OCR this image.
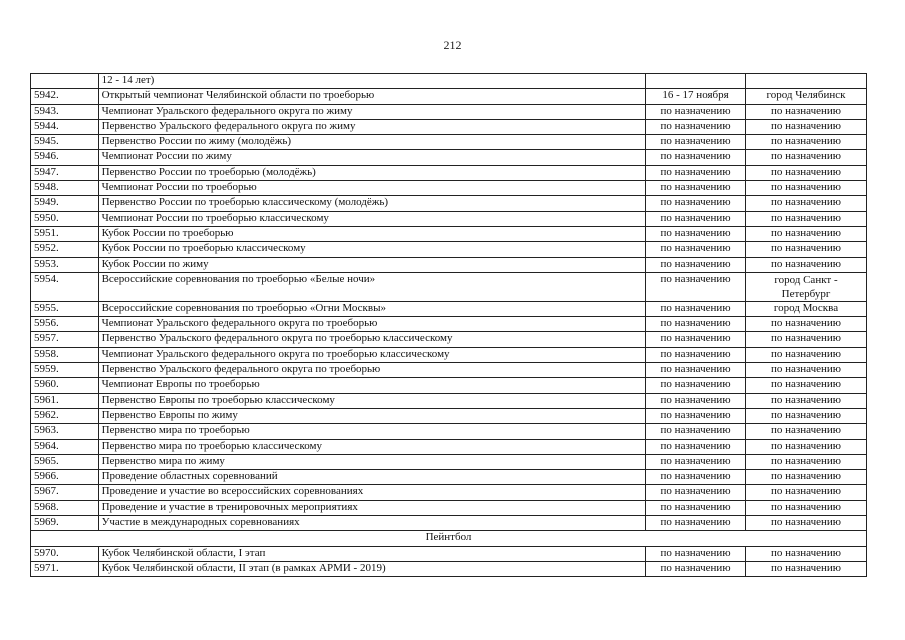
212
	12 - 14 лет)		
5942.	Открытый чемпионат Челябинской области по троеборью	16 - 17 ноября	город Челябинск
5943.	Чемпионат Уральского федерального округа по жиму	по назначению	по назначению
5944.	Первенство Уральского федерального округа по жиму	по назначению	по назначению
5945.	Первенство России по жиму (молодёжь)	по назначению	по назначению
5946.	Чемпионат России по жиму	по назначению	по назначению
5947.	Первенство России по троеборью (молодёжь)	по назначению	по назначению
5948.	Чемпионат России по троеборью	по назначению	по назначению
5949.	Первенство России по троеборью классическому (молодёжь)	по назначению	по назначению
5950.	Чемпионат России по троеборью классическому	по назначению	по назначению
5951.	Кубок России по троеборью	по назначению	по назначению
5952.	Кубок России по троеборью классическому	по назначению	по назначению
5953.	Кубок России по жиму	по назначению	по назначению
5954.	Всероссийские соревнования по троеборью «Белые ночи»	по назначению	город Санкт - Петербург
5955.	Всероссийские соревнования по троеборью «Огни Москвы»	по назначению	город Москва
5956.	Чемпионат Уральского федерального округа по троеборью	по назначению	по назначению
5957.	Первенство Уральского федерального округа по троеборью классическому	по назначению	по назначению
5958.	Чемпионат Уральского федерального округа по троеборью классическому	по назначению	по назначению
5959.	Первенство Уральского федерального округа по троеборью	по назначению	по назначению
5960.	Чемпионат Европы по троеборью	по назначению	по назначению
5961.	Первенство Европы по троеборью классическому	по назначению	по назначению
5962.	Первенство Европы по жиму	по назначению	по назначению
5963.	Первенство мира по троеборью	по назначению	по назначению
5964.	Первенство мира по троеборью классическому	по назначению	по назначению
5965.	Первенство мира по жиму	по назначению	по назначению
5966.	Проведение областных соревнований	по назначению	по назначению
5967.	Проведение и участие во всероссийских соревнованиях	по назначению	по назначению
5968.	Проведение и участие в тренировочных мероприятиях	по назначению	по назначению
5969.	Участие в международных соревнованиях	по назначению	по назначению
Пейнтбол			
5970.	Кубок Челябинской области, I этап	по назначению	по назначению
5971.	Кубок Челябинской области, II этап (в рамках АРМИ - 2019)	по назначению	по назначению
